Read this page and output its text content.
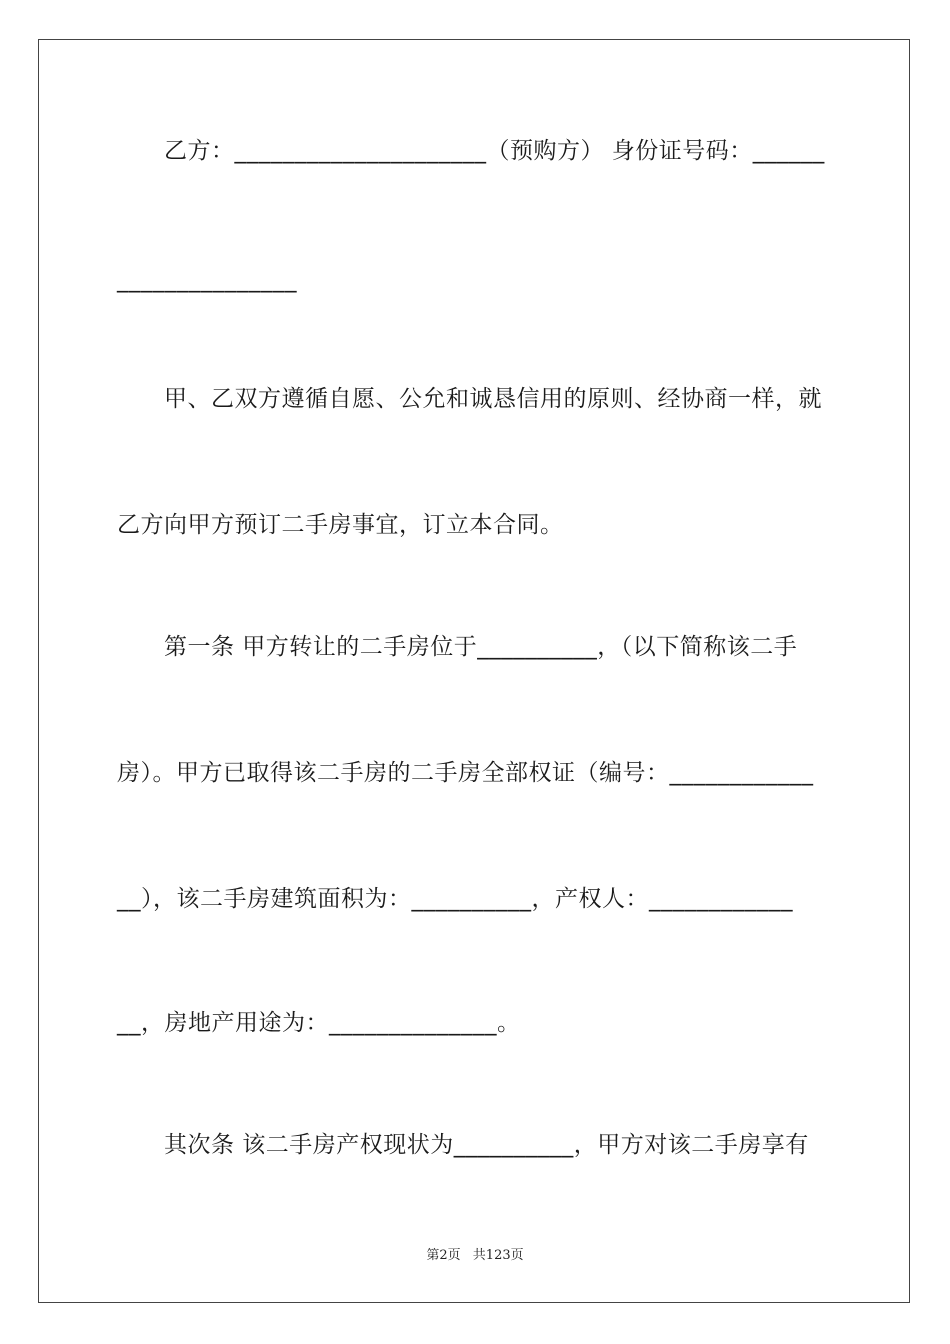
乙方：_____________________（预购方） 身份证号码：______
_______________
甲、乙双方遵循自愿、公允和诚恳信用的原则、经协商一样，就
乙方向甲方预订二手房事宜，订立本合同。
第一条 甲方转让的二手房位于__________，（以下简称该二手
房）。甲方已取得该二手房的二手房全部权证（编号：____________
__），该二手房建筑面积为：__________，产权人：____________
__，房地产用途为：______________。
其次条 该二手房产权现状为__________，甲方对该二手房享有
第2页 共123页
